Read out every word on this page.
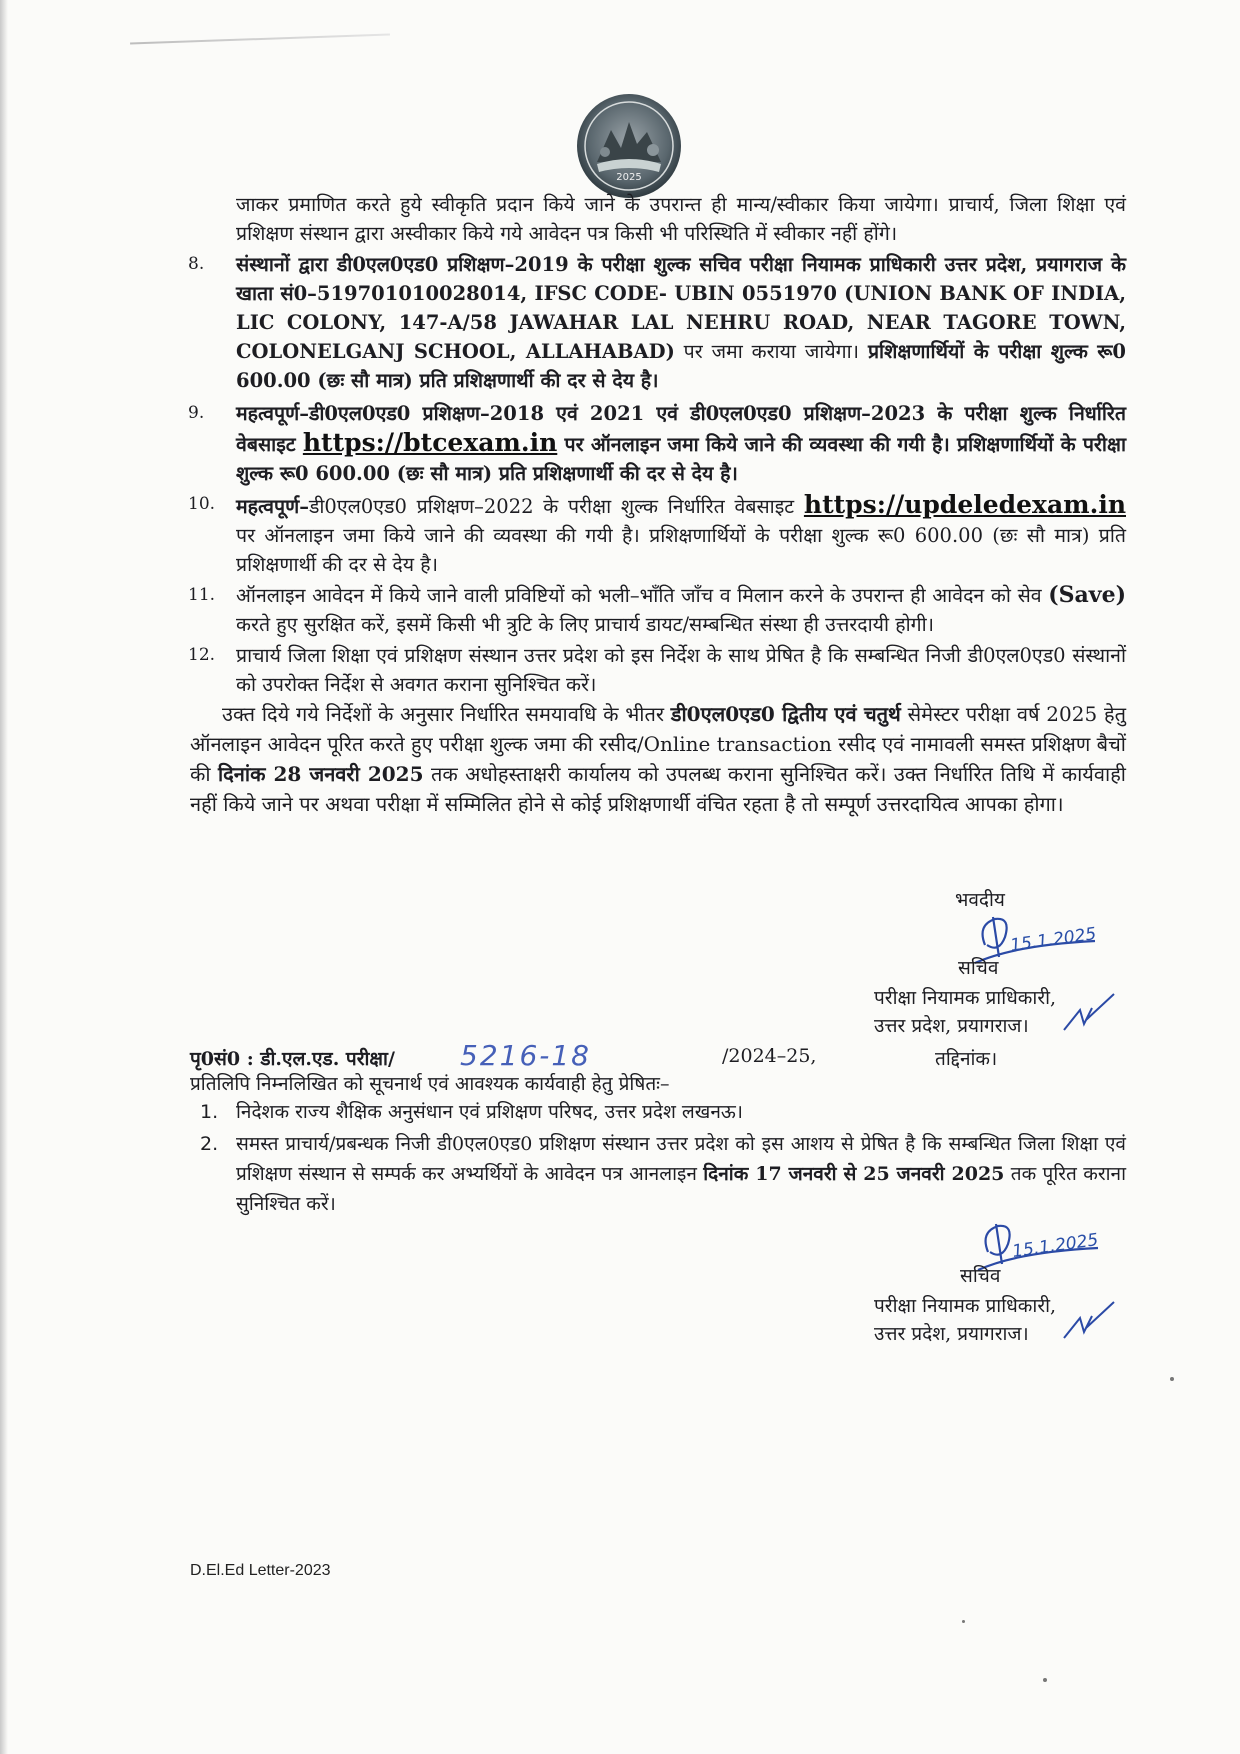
2025

जाकर प्रमाणित करते हुये स्वीकृति प्रदान किये जाने के उपरान्त ही मान्य/स्वीकार किया जायेगा। प्राचार्य, जिला शिक्षा एवं प्रशिक्षण संस्थान द्वारा अस्वीकार किये गये आवेदन पत्र किसी भी परिस्थिति में स्वीकार नहीं होंगे।

8. संस्थानों द्वारा डी0एल0एड0 प्रशिक्षण–2019 के परीक्षा शुल्क सचिव परीक्षा नियामक प्राधिकारी उत्तर प्रदेश, प्रयागराज के खाता सं0–519701010028014, IFSC CODE- UBIN 0551970 (UNION BANK OF INDIA, LIC COLONY, 147-A/58 JAWAHAR LAL NEHRU ROAD, NEAR TAGORE TOWN, COLONELGANJ SCHOOL, ALLAHABAD) पर जमा कराया जायेगा। प्रशिक्षणार्थियों के परीक्षा शुल्क रू0 600.00 (छः सौ मात्र) प्रति प्रशिक्षणार्थी की दर से देय है।

9. महत्वपूर्ण–डी0एल0एड0 प्रशिक्षण–2018 एवं 2021 एवं डी0एल0एड0 प्रशिक्षण–2023 के परीक्षा शुल्क निर्धारित वेबसाइट https://btcexam.in पर ऑनलाइन जमा किये जाने की व्यवस्था की गयी है। प्रशिक्षणार्थियों के परीक्षा शुल्क रू0 600.00 (छः सौ मात्र) प्रति प्रशिक्षणार्थी की दर से देय है।

10. महत्वपूर्ण–डी0एल0एड0 प्रशिक्षण–2022 के परीक्षा शुल्क निर्धारित वेबसाइट https://updeledexam.in पर ऑनलाइन जमा किये जाने की व्यवस्था की गयी है। प्रशिक्षणार्थियों के परीक्षा शुल्क रू0 600.00 (छः सौ मात्र) प्रति प्रशिक्षणार्थी की दर से देय है।

11. ऑनलाइन आवेदन में किये जाने वाली प्रविष्टियों को भली–भाँति जाँच व मिलान करने के उपरान्त ही आवेदन को सेव (Save) करते हुए सुरक्षित करें, इसमें किसी भी त्रुटि के लिए प्राचार्य डायट/सम्बन्धित संस्था ही उत्तरदायी होगी।

12. प्राचार्य जिला शिक्षा एवं प्रशिक्षण संस्थान उत्तर प्रदेश को इस निर्देश के साथ प्रेषित है कि सम्बन्धित निजी डी0एल0एड0 संस्थानों को उपरोक्त निर्देश से अवगत कराना सुनिश्चित करें।

उक्त दिये गये निर्देशों के अनुसार निर्धारित समयावधि के भीतर डी0एल0एड0 द्वितीय एवं चतुर्थ सेमेस्टर परीक्षा वर्ष 2025 हेतु ऑनलाइन आवेदन पूरित करते हुए परीक्षा शुल्क जमा की रसीद/Online transaction रसीद एवं नामावली समस्त प्रशिक्षण बैचों की दिनांक 28 जनवरी 2025 तक अधोहस्ताक्षरी कार्यालय को उपलब्ध कराना सुनिश्चित करें। उक्त निर्धारित तिथि में कार्यवाही नहीं किये जाने पर अथवा परीक्षा में सम्मिलित होने से कोई प्रशिक्षणार्थी वंचित रहता है तो सम्पूर्ण उत्तरदायित्व आपका होगा।

भवदीय
15.1.2025
सचिव
परीक्षा नियामक प्राधिकारी,
उत्तर प्रदेश, प्रयागराज।
पृ0सं0 : डी.एल.एड. परीक्षा/ 5216-18	/2024–25,	तद्दिनांक।
प्रतिलिपि निम्नलिखित को सूचनार्थ एवं आवश्यक कार्यवाही हेतु प्रेषितः–
1. निदेशक राज्य शैक्षिक अनुसंधान एवं प्रशिक्षण परिषद, उत्तर प्रदेश लखनऊ।

2. समस्त प्राचार्य/प्रबन्धक निजी डी0एल0एड0 प्रशिक्षण संस्थान उत्तर प्रदेश को इस आशय से प्रेषित है कि सम्बन्धित जिला शिक्षा एवं प्रशिक्षण संस्थान से सम्पर्क कर अभ्यर्थियों के आवेदन पत्र आनलाइन दिनांक 17 जनवरी से 25 जनवरी 2025 तक पूरित कराना सुनिश्चित करें।

15.1.2025
सचिव
परीक्षा नियामक प्राधिकारी,
उत्तर प्रदेश, प्रयागराज।
D.El.Ed Letter-2023
